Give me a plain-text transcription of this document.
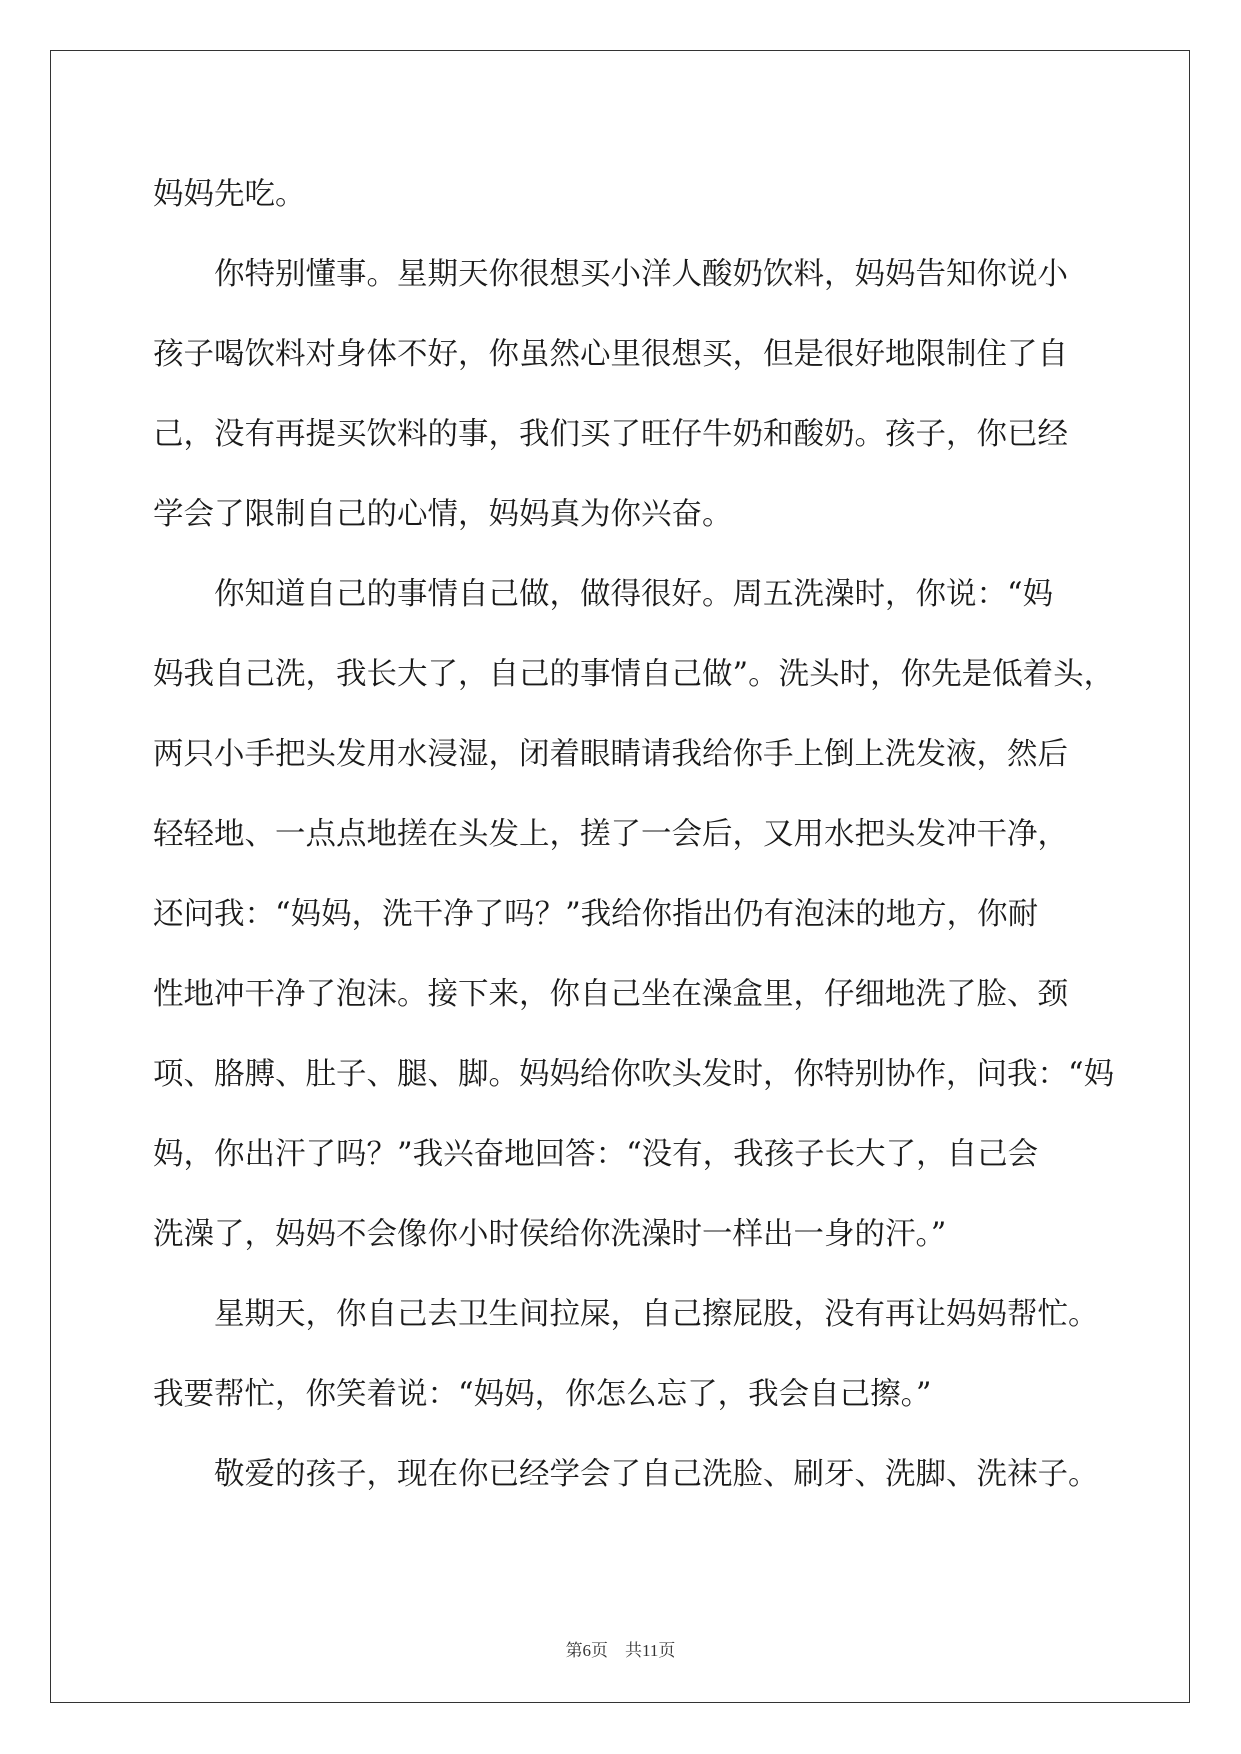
妈妈先吃。
　　你特别懂事。星期天你很想买小洋人酸奶饮料，妈妈告知你说小
孩子喝饮料对身体不好，你虽然心里很想买，但是很好地限制住了自
己，没有再提买饮料的事，我们买了旺仔牛奶和酸奶。孩子，你已经
学会了限制自己的心情，妈妈真为你兴奋。
　　你知道自己的事情自己做，做得很好。周五洗澡时，你说：“妈
妈我自己洗，我长大了，自己的事情自己做”。洗头时，你先是低着头，
两只小手把头发用水浸湿，闭着眼睛请我给你手上倒上洗发液，然后
轻轻地、一点点地搓在头发上，搓了一会后，又用水把头发冲干净，
还问我：“妈妈，洗干净了吗？”我给你指出仍有泡沫的地方，你耐
性地冲干净了泡沫。接下来，你自己坐在澡盒里，仔细地洗了脸、颈
项、胳膊、肚子、腿、脚。妈妈给你吹头发时，你特别协作，问我：“妈
妈，你出汗了吗？”我兴奋地回答：“没有，我孩子长大了，自己会
洗澡了，妈妈不会像你小时侯给你洗澡时一样出一身的汗。”
　　星期天，你自己去卫生间拉屎，自己擦屁股，没有再让妈妈帮忙。
我要帮忙，你笑着说：“妈妈，你怎么忘了，我会自己擦。”
　　敬爱的孩子，现在你已经学会了自己洗脸、刷牙、洗脚、洗袜子。
第6页　共11页
